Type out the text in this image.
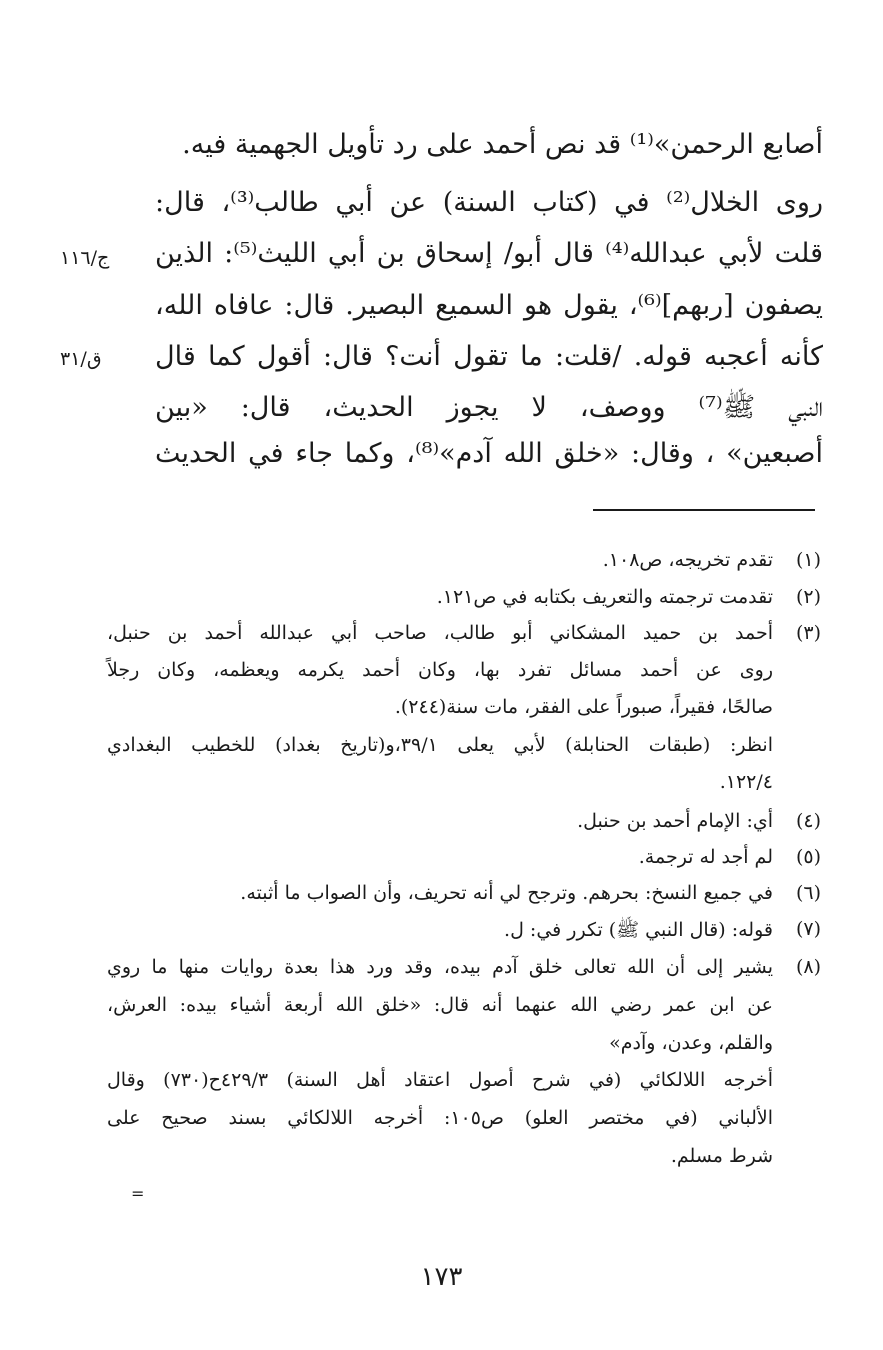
أصابع الرحمن»⁽¹⁾ قد نص أحمد على رد تأويل الجهمية فيه.
روى الخلال⁽²⁾ في (كتاب السنة) عن أبي طالب⁽³⁾، قال:
قلت لأبي عبدالله⁽⁴⁾ قال أبو/ إسحاق بن أبي الليث⁽⁵⁾: الذين
يصفون [ربهم]⁽⁶⁾، يقول هو السميع البصير. قال: عافاه الله،
كأنه أعجبه قوله. /قلت: ما تقول أنت؟ قال: أقول كما قال
النبي ﷺ⁽⁷⁾ ووصف، لا يجوز الحديث، قال: «بين
أصبعين» ، وقال: «خلق الله آدم»⁽⁸⁾، وكما جاء في الحديث
ج/١١٦
ق/٣١
(١)
تقدم تخريجه، ص١٠٨.
(٢)
تقدمت ترجمته والتعريف بكتابه في ص١٢١.
(٣)
أحمد بن حميد المشكاني أبو طالب، صاحب أبي عبدالله أحمد بن حنبل،
روى عن أحمد مسائل تفرد بها، وكان أحمد يكرمه ويعظمه، وكان رجلاً
صالحًا، فقيراً، صبوراً على الفقر، مات سنة(٢٤٤).
انظر: (طبقات الحنابلة) لأبي يعلى ٣٩/١،و(تاريخ بغداد) للخطيب البغدادي
١٢٢/٤.
(٤)
أي: الإمام أحمد بن حنبل.
(٥)
لم أجد له ترجمة.
(٦)
في جميع النسخ: بحرهم. وترجح لي أنه تحريف، وأن الصواب ما أثبته.
(٧)
قوله: (قال النبي ﷺ) تكرر في: ل.
(٨)
يشير إلى أن الله تعالى خلق آدم بيده، وقد ورد هذا بعدة روايات منها ما روي
عن ابن عمر رضي الله عنهما أنه قال: «خلق الله أربعة أشياء بيده: العرش،
والقلم، وعدن، وآدم»
أخرجه اللالكائي (في شرح أصول اعتقاد أهل السنة) ٤٢٩/٣ح(٧٣٠) وقال
الألباني (في مختصر العلو) ص١٠٥: أخرجه اللالكائي بسند صحيح على
شرط مسلم.
=
١٧٣
